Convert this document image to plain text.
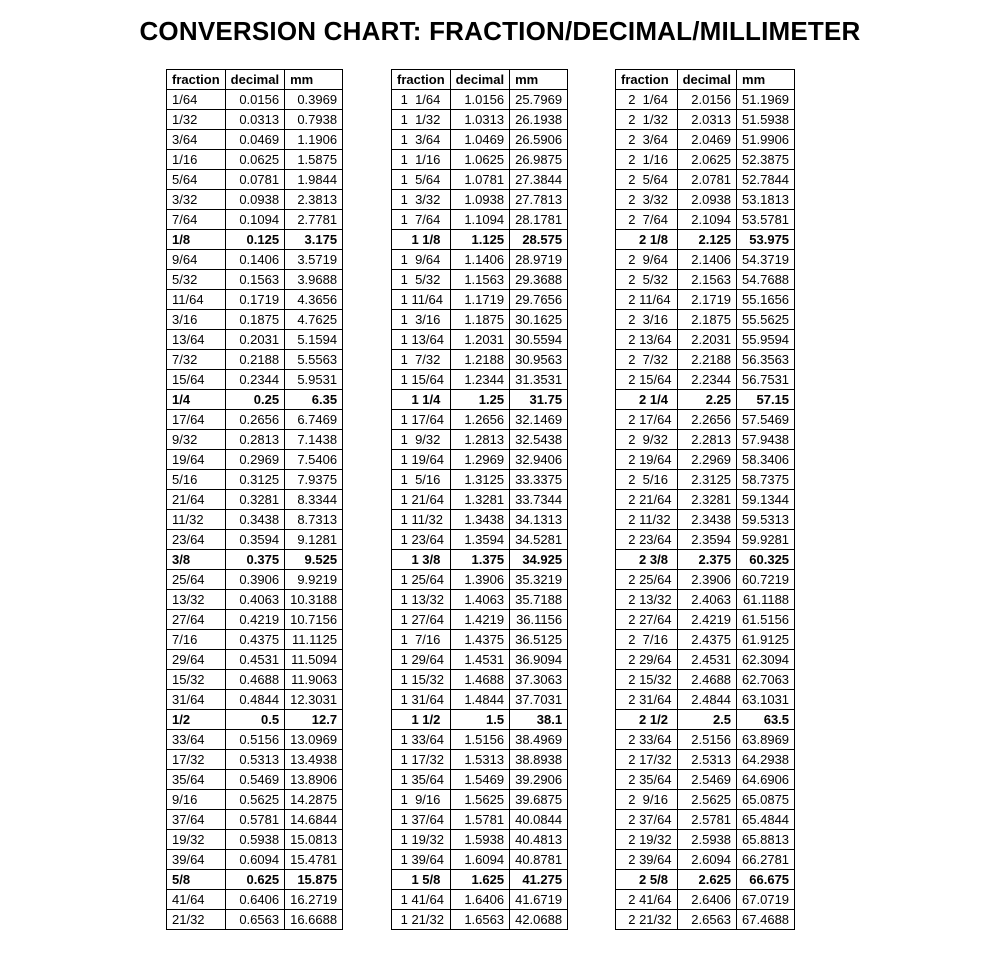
CONVERSION CHART: FRACTION/DECIMAL/MILLIMETER
fraction	decimal	mm
1/64	0.0156	0.3969
1/32	0.0313	0.7938
3/64	0.0469	1.1906
1/16	0.0625	1.5875
5/64	0.0781	1.9844
3/32	0.0938	2.3813
7/64	0.1094	2.7781
1/8	0.125	3.175
9/64	0.1406	3.5719
5/32	0.1563	3.9688
11/64	0.1719	4.3656
3/16	0.1875	4.7625
13/64	0.2031	5.1594
7/32	0.2188	5.5563
15/64	0.2344	5.9531
1/4	0.25	6.35
17/64	0.2656	6.7469
9/32	0.2813	7.1438
19/64	0.2969	7.5406
5/16	0.3125	7.9375
21/64	0.3281	8.3344
11/32	0.3438	8.7313
23/64	0.3594	9.1281
3/8	0.375	9.525
25/64	0.3906	9.9219
13/32	0.4063	10.3188
27/64	0.4219	10.7156
7/16	0.4375	11.1125
29/64	0.4531	11.5094
15/32	0.4688	11.9063
31/64	0.4844	12.3031
1/2	0.5	12.7
33/64	0.5156	13.0969
17/32	0.5313	13.4938
35/64	0.5469	13.8906
9/16	0.5625	14.2875
37/64	0.5781	14.6844
19/32	0.5938	15.0813
39/64	0.6094	15.4781
5/8	0.625	15.875
41/64	0.6406	16.2719
21/32	0.6563	16.6688
fraction	decimal	mm
1  1/64	1.0156	25.7969
1  1/32	1.0313	26.1938
1  3/64	1.0469	26.5906
1  1/16	1.0625	26.9875
1  5/64	1.0781	27.3844
1  3/32	1.0938	27.7813
1  7/64	1.1094	28.1781
1 1/8	1.125	28.575
1  9/64	1.1406	28.9719
1  5/32	1.1563	29.3688
1 11/64	1.1719	29.7656
1  3/16	1.1875	30.1625
1 13/64	1.2031	30.5594
1  7/32	1.2188	30.9563
1 15/64	1.2344	31.3531
1 1/4	1.25	31.75
1 17/64	1.2656	32.1469
1  9/32	1.2813	32.5438
1 19/64	1.2969	32.9406
1  5/16	1.3125	33.3375
1 21/64	1.3281	33.7344
1 11/32	1.3438	34.1313
1 23/64	1.3594	34.5281
1 3/8	1.375	34.925
1 25/64	1.3906	35.3219
1 13/32	1.4063	35.7188
1 27/64	1.4219	36.1156
1  7/16	1.4375	36.5125
1 29/64	1.4531	36.9094
1 15/32	1.4688	37.3063
1 31/64	1.4844	37.7031
1 1/2	1.5	38.1
1 33/64	1.5156	38.4969
1 17/32	1.5313	38.8938
1 35/64	1.5469	39.2906
1  9/16	1.5625	39.6875
1 37/64	1.5781	40.0844
1 19/32	1.5938	40.4813
1 39/64	1.6094	40.8781
1 5/8	1.625	41.275
1 41/64	1.6406	41.6719
1 21/32	1.6563	42.0688
fraction	decimal	mm
2  1/64	2.0156	51.1969
2  1/32	2.0313	51.5938
2  3/64	2.0469	51.9906
2  1/16	2.0625	52.3875
2  5/64	2.0781	52.7844
2  3/32	2.0938	53.1813
2  7/64	2.1094	53.5781
2 1/8	2.125	53.975
2  9/64	2.1406	54.3719
2  5/32	2.1563	54.7688
2 11/64	2.1719	55.1656
2  3/16	2.1875	55.5625
2 13/64	2.2031	55.9594
2  7/32	2.2188	56.3563
2 15/64	2.2344	56.7531
2 1/4	2.25	57.15
2 17/64	2.2656	57.5469
2  9/32	2.2813	57.9438
2 19/64	2.2969	58.3406
2  5/16	2.3125	58.7375
2 21/64	2.3281	59.1344
2 11/32	2.3438	59.5313
2 23/64	2.3594	59.9281
2 3/8	2.375	60.325
2 25/64	2.3906	60.7219
2 13/32	2.4063	61.1188
2 27/64	2.4219	61.5156
2  7/16	2.4375	61.9125
2 29/64	2.4531	62.3094
2 15/32	2.4688	62.7063
2 31/64	2.4844	63.1031
2 1/2	2.5	63.5
2 33/64	2.5156	63.8969
2 17/32	2.5313	64.2938
2 35/64	2.5469	64.6906
2  9/16	2.5625	65.0875
2 37/64	2.5781	65.4844
2 19/32	2.5938	65.8813
2 39/64	2.6094	66.2781
2 5/8	2.625	66.675
2 41/64	2.6406	67.0719
2 21/32	2.6563	67.4688
